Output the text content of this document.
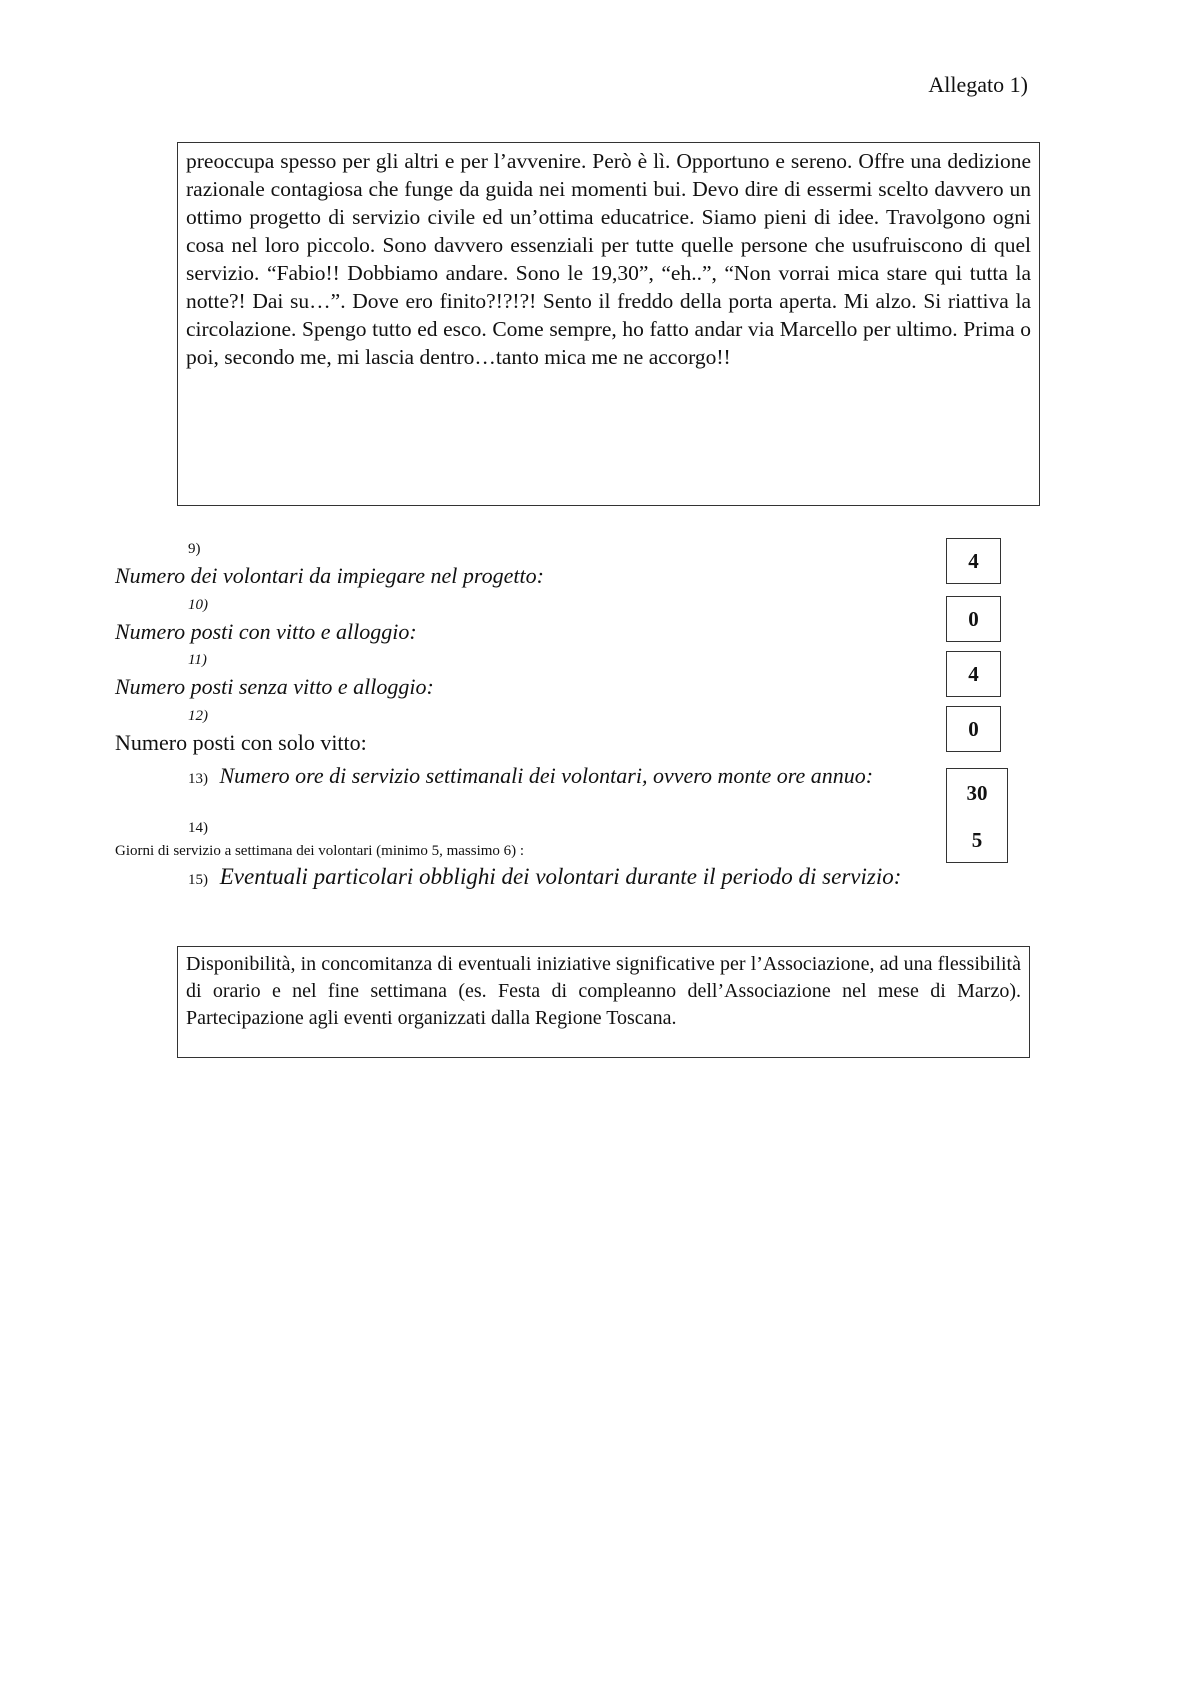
Allegato 1)

preoccupa spesso per gli altri e per l’avvenire. Però è lì. Opportuno e sereno. Offre una dedizione razionale contagiosa che funge da guida nei momenti bui. Devo dire di essermi scelto davvero un ottimo progetto di servizio civile ed un’ottima educatrice. Siamo pieni di idee. Travolgono ogni cosa nel loro piccolo. Sono davvero essenziali per tutte quelle persone che usufruiscono di quel servizio. “Fabio!! Dobbiamo andare. Sono le 19,30”, “eh..”, “Non vorrai mica stare qui tutta la notte?! Dai su…”. Dove ero finito?!?!?! Sento il freddo della porta aperta. Mi alzo. Si riattiva la circolazione. Spengo tutto ed esco. Come sempre, ho fatto andar via Marcello per ultimo. Prima o poi, secondo me, mi lascia dentro…tanto mica me ne accorgo!!

9)
Numero dei volontari da impiegare nel progetto:
4
10)
Numero posti con vitto e alloggio:
0
11)
Numero posti senza vitto e alloggio:
4
12)
Numero posti con solo vitto:
0
13) Numero ore di servizio settimanali dei volontari, ovvero monte ore annuo:
30
5
14)
Giorni di servizio a settimana dei volontari (minimo 5, massimo 6) :
15) Eventuali particolari obblighi dei volontari durante il periodo di servizio:
Disponibilità, in concomitanza di eventuali iniziative significative per l’Associazione, ad una flessibilità di orario e nel fine settimana (es. Festa di compleanno dell’Associazione nel mese di Marzo). Partecipazione agli eventi organizzati dalla Regione Toscana.
